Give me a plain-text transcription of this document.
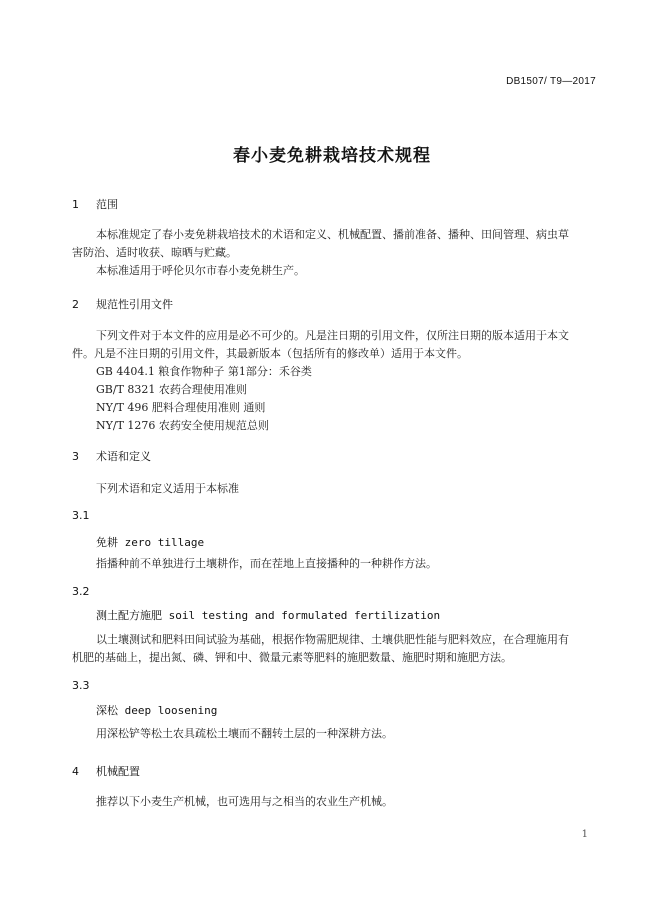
DB1507/ T9—2017
春小麦免耕栽培技术规程
1 范围
本标准规定了春小麦免耕栽培技术的术语和定义、机械配置、播前准备、播种、田间管理、病虫草
害防治、适时收获、晾晒与贮藏。
本标准适用于呼伦贝尔市春小麦免耕生产。
2 规范性引用文件
下列文件对于本文件的应用是必不可少的。凡是注日期的引用文件，仅所注日期的版本适用于本文
件。凡是不注日期的引用文件，其最新版本（包括所有的修改单）适用于本文件。
GB 4404.1 粮食作物种子 第1部分：禾谷类
GB/T 8321 农药合理使用准则
NY/T 496 肥料合理使用准则 通则
NY/T 1276 农药安全使用规范总则
3 术语和定义
下列术语和定义适用于本标准
3.1
免耕 zero tillage
指播种前不单独进行土壤耕作，而在茬地上直接播种的一种耕作方法。
3.2
测土配方施肥 soil testing and formulated fertilization
以土壤测试和肥料田间试验为基础，根据作物需肥规律、土壤供肥性能与肥料效应，在合理施用有
机肥的基础上，提出氮、磷、钾和中、微量元素等肥料的施肥数量、施肥时期和施肥方法。
3.3
深松 deep loosening
用深松铲等松土农具疏松土壤而不翻转土层的一种深耕方法。
4 机械配置
推荐以下小麦生产机械，也可选用与之相当的农业生产机械。
1
